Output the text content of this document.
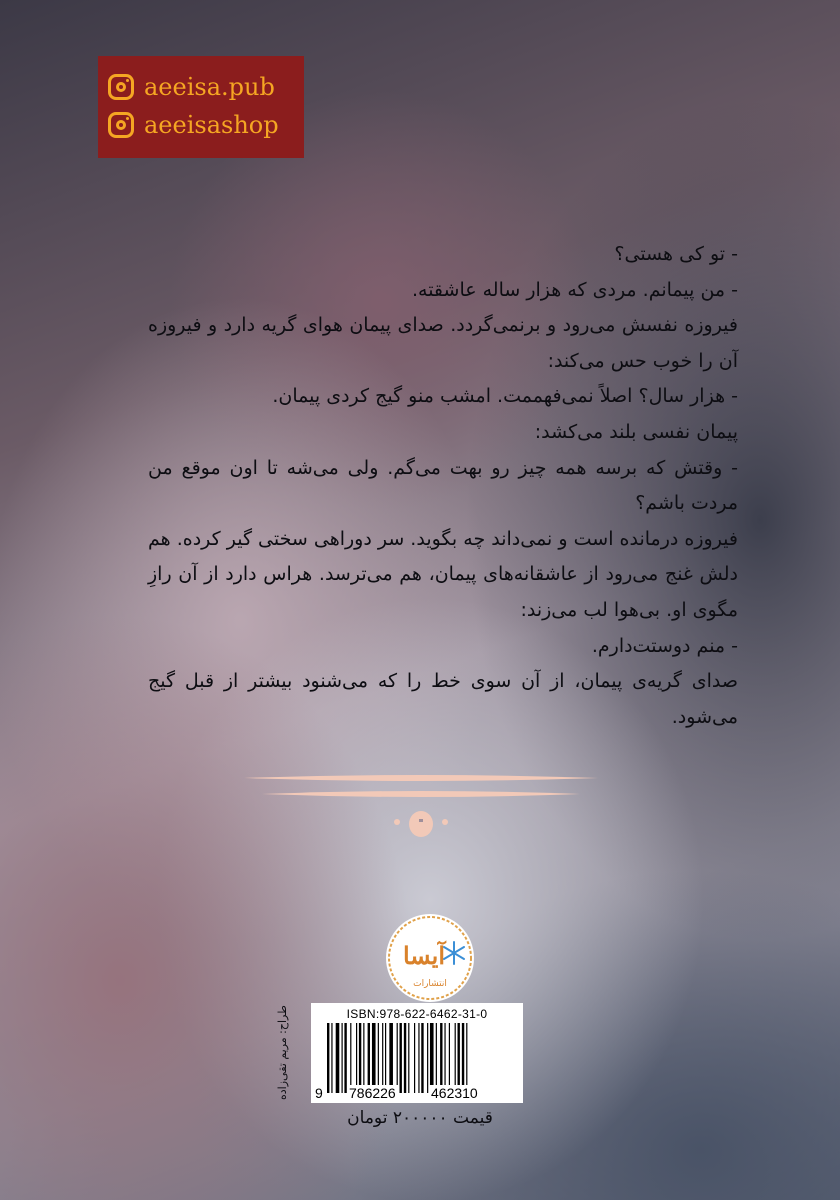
aeeisa.pub
aeeisashop

- تو کی هستی؟

- من پیمانم. مردی که هزار ساله عاشقته.

فیروزه نفسش می‌رود و برنمی‌گردد. صدای پیمان هوای گریه دارد و فیروزه آن را خوب حس می‌کند:

- هزار سال؟ اصلاً نمی‌فهممت. امشب منو گیج کردی پیمان.

پیمان نفسی بلند می‌کشد:

- وقتش که برسه همه چیز رو بهت می‌گم. ولی می‌شه تا اون موقع من مردت باشم؟

فیروزه درمانده است و نمی‌داند چه بگوید. سر دوراهی سختی گیر کرده. هم دلش غنج می‌رود از عاشقانه‌های پیمان، هم می‌ترسد. هراس دارد از آن رازِ مگوی او. بی‌هوا لب می‌زند:

- منم دوستت‌دارم.

صدای گریه‌ی پیمان، از آن سوی خط را که می‌شنود بیشتر از قبل گیج می‌شود.

آیسا
انتشارات
طراح: مریم تقی‌زاده	ISBN:978-622-6462-31-0
9 786226	462310
قیمت ۲۰۰۰۰۰ تومان
